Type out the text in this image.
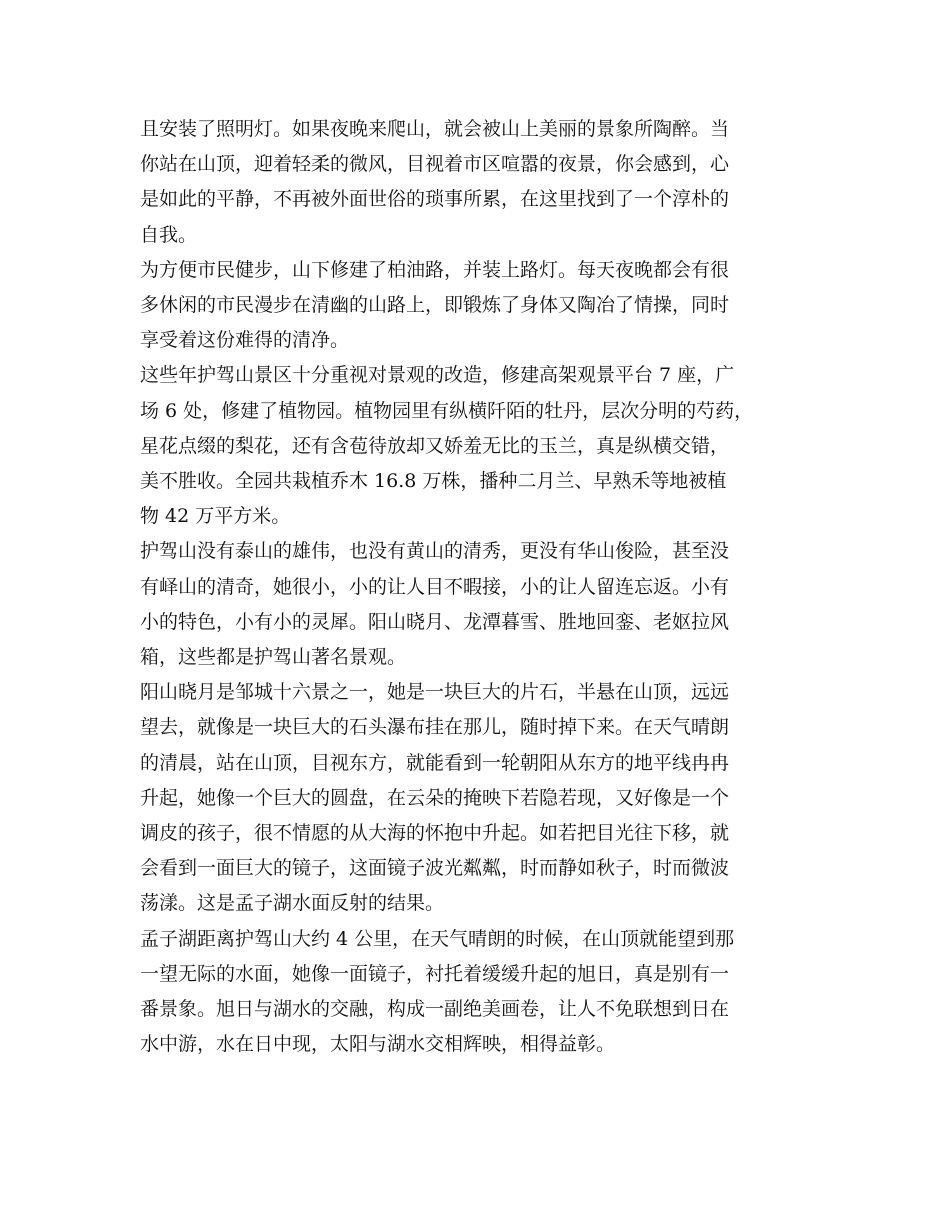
且安装了照明灯。如果夜晚来爬山，就会被山上美丽的景象所陶醉。当
你站在山顶，迎着轻柔的微风，目视着市区喧嚣的夜景，你会感到，心
是如此的平静，不再被外面世俗的琐事所累，在这里找到了一个淳朴的
自我。

为方便市民健步，山下修建了柏油路，并装上路灯。每天夜晚都会有很
多休闲的市民漫步在清幽的山路上，即锻炼了身体又陶冶了情操，同时
享受着这份难得的清净。

这些年护驾山景区十分重视对景观的改造，修建高架观景平台 7 座，广
场 6 处，修建了植物园。植物园里有纵横阡陌的牡丹，层次分明的芍药，
星花点缀的梨花，还有含苞待放却又娇羞无比的玉兰，真是纵横交错，
美不胜收。全园共栽植乔木 16.8 万株，播种二月兰、早熟禾等地被植
物 42 万平方米。

护驾山没有泰山的雄伟，也没有黄山的清秀，更没有华山俊险，甚至没
有峄山的清奇，她很小，小的让人目不暇接，小的让人留连忘返。小有
小的特色，小有小的灵犀。阳山晓月、龙潭暮雪、胜地回銮、老妪拉风
箱，这些都是护驾山著名景观。

阳山晓月是邹城十六景之一，她是一块巨大的片石，半悬在山顶，远远
望去，就像是一块巨大的石头瀑布挂在那儿，随时掉下来。在天气晴朗
的清晨，站在山顶，目视东方，就能看到一轮朝阳从东方的地平线冉冉
升起，她像一个巨大的圆盘，在云朵的掩映下若隐若现，又好像是一个
调皮的孩子，很不情愿的从大海的怀抱中升起。如若把目光往下移，就
会看到一面巨大的镜子，这面镜子波光粼粼，时而静如秋子，时而微波
荡漾。这是孟子湖水面反射的结果。

孟子湖距离护驾山大约 4 公里，在天气晴朗的时候，在山顶就能望到那
一望无际的水面，她像一面镜子，衬托着缓缓升起的旭日，真是别有一
番景象。旭日与湖水的交融，构成一副绝美画卷，让人不免联想到日在
水中游，水在日中现，太阳与湖水交相辉映，相得益彰。
